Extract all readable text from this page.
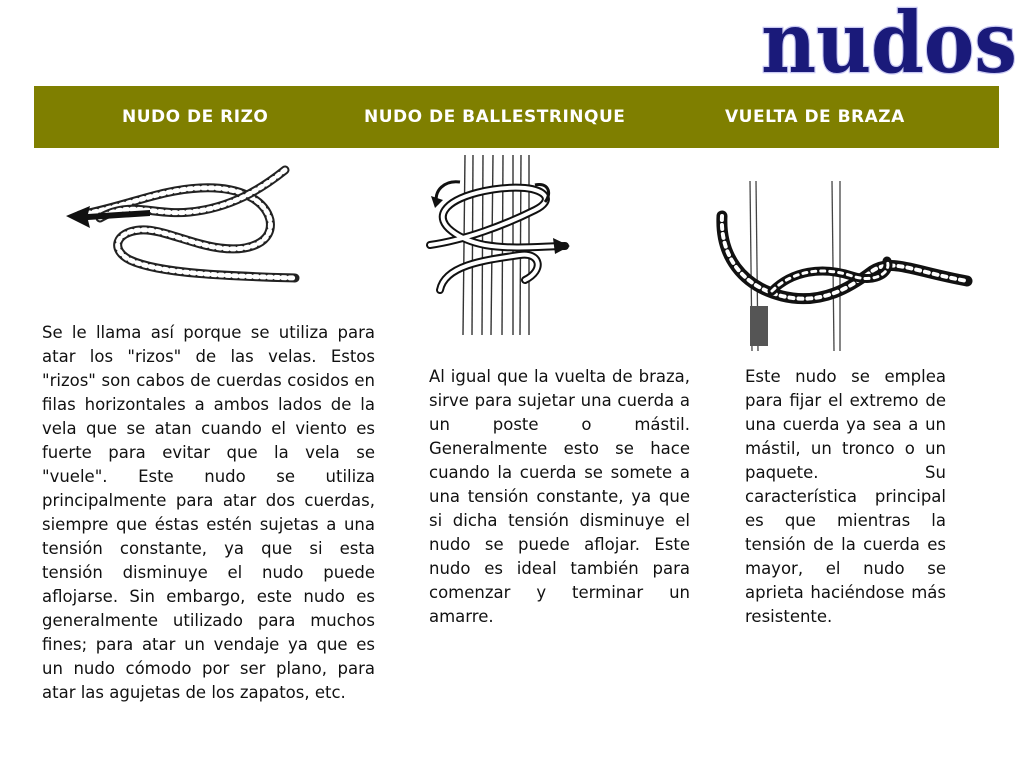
nudos
NUDO DE RIZO	NUDO DE BALLESTRINQUE	VUELTA DE BRAZA

Se le llama así porque se utiliza para atar los "rizos" de las velas. Estos "rizos" son cabos de cuerdas cosidos en filas horizontales a ambos lados de la vela que se atan cuando el viento es fuerte para evitar que la vela se "vuele". Este nudo se utiliza principalmente para atar dos cuerdas, siempre que éstas estén sujetas a una tensión constante, ya que si esta tensión disminuye el nudo puede aflojarse. Sin embargo, este nudo es generalmente utilizado para muchos fines; para atar un vendaje ya que es un nudo cómodo por ser plano, para atar las agujetas de los zapatos, etc.

Al igual que la vuelta de braza, sirve para sujetar una cuerda a un poste o mástil. Generalmente esto se hace cuando la cuerda se somete a una tensión constante, ya que si dicha tensión disminuye el nudo se puede aflojar. Este nudo es ideal también para comenzar y terminar un amarre.

Este nudo se emplea para fijar el extremo de una cuerda ya sea a un mástil, un tronco o un paquete. Su característica principal es que mientras la tensión de la cuerda es mayor, el nudo se aprieta haciéndose más resistente.
